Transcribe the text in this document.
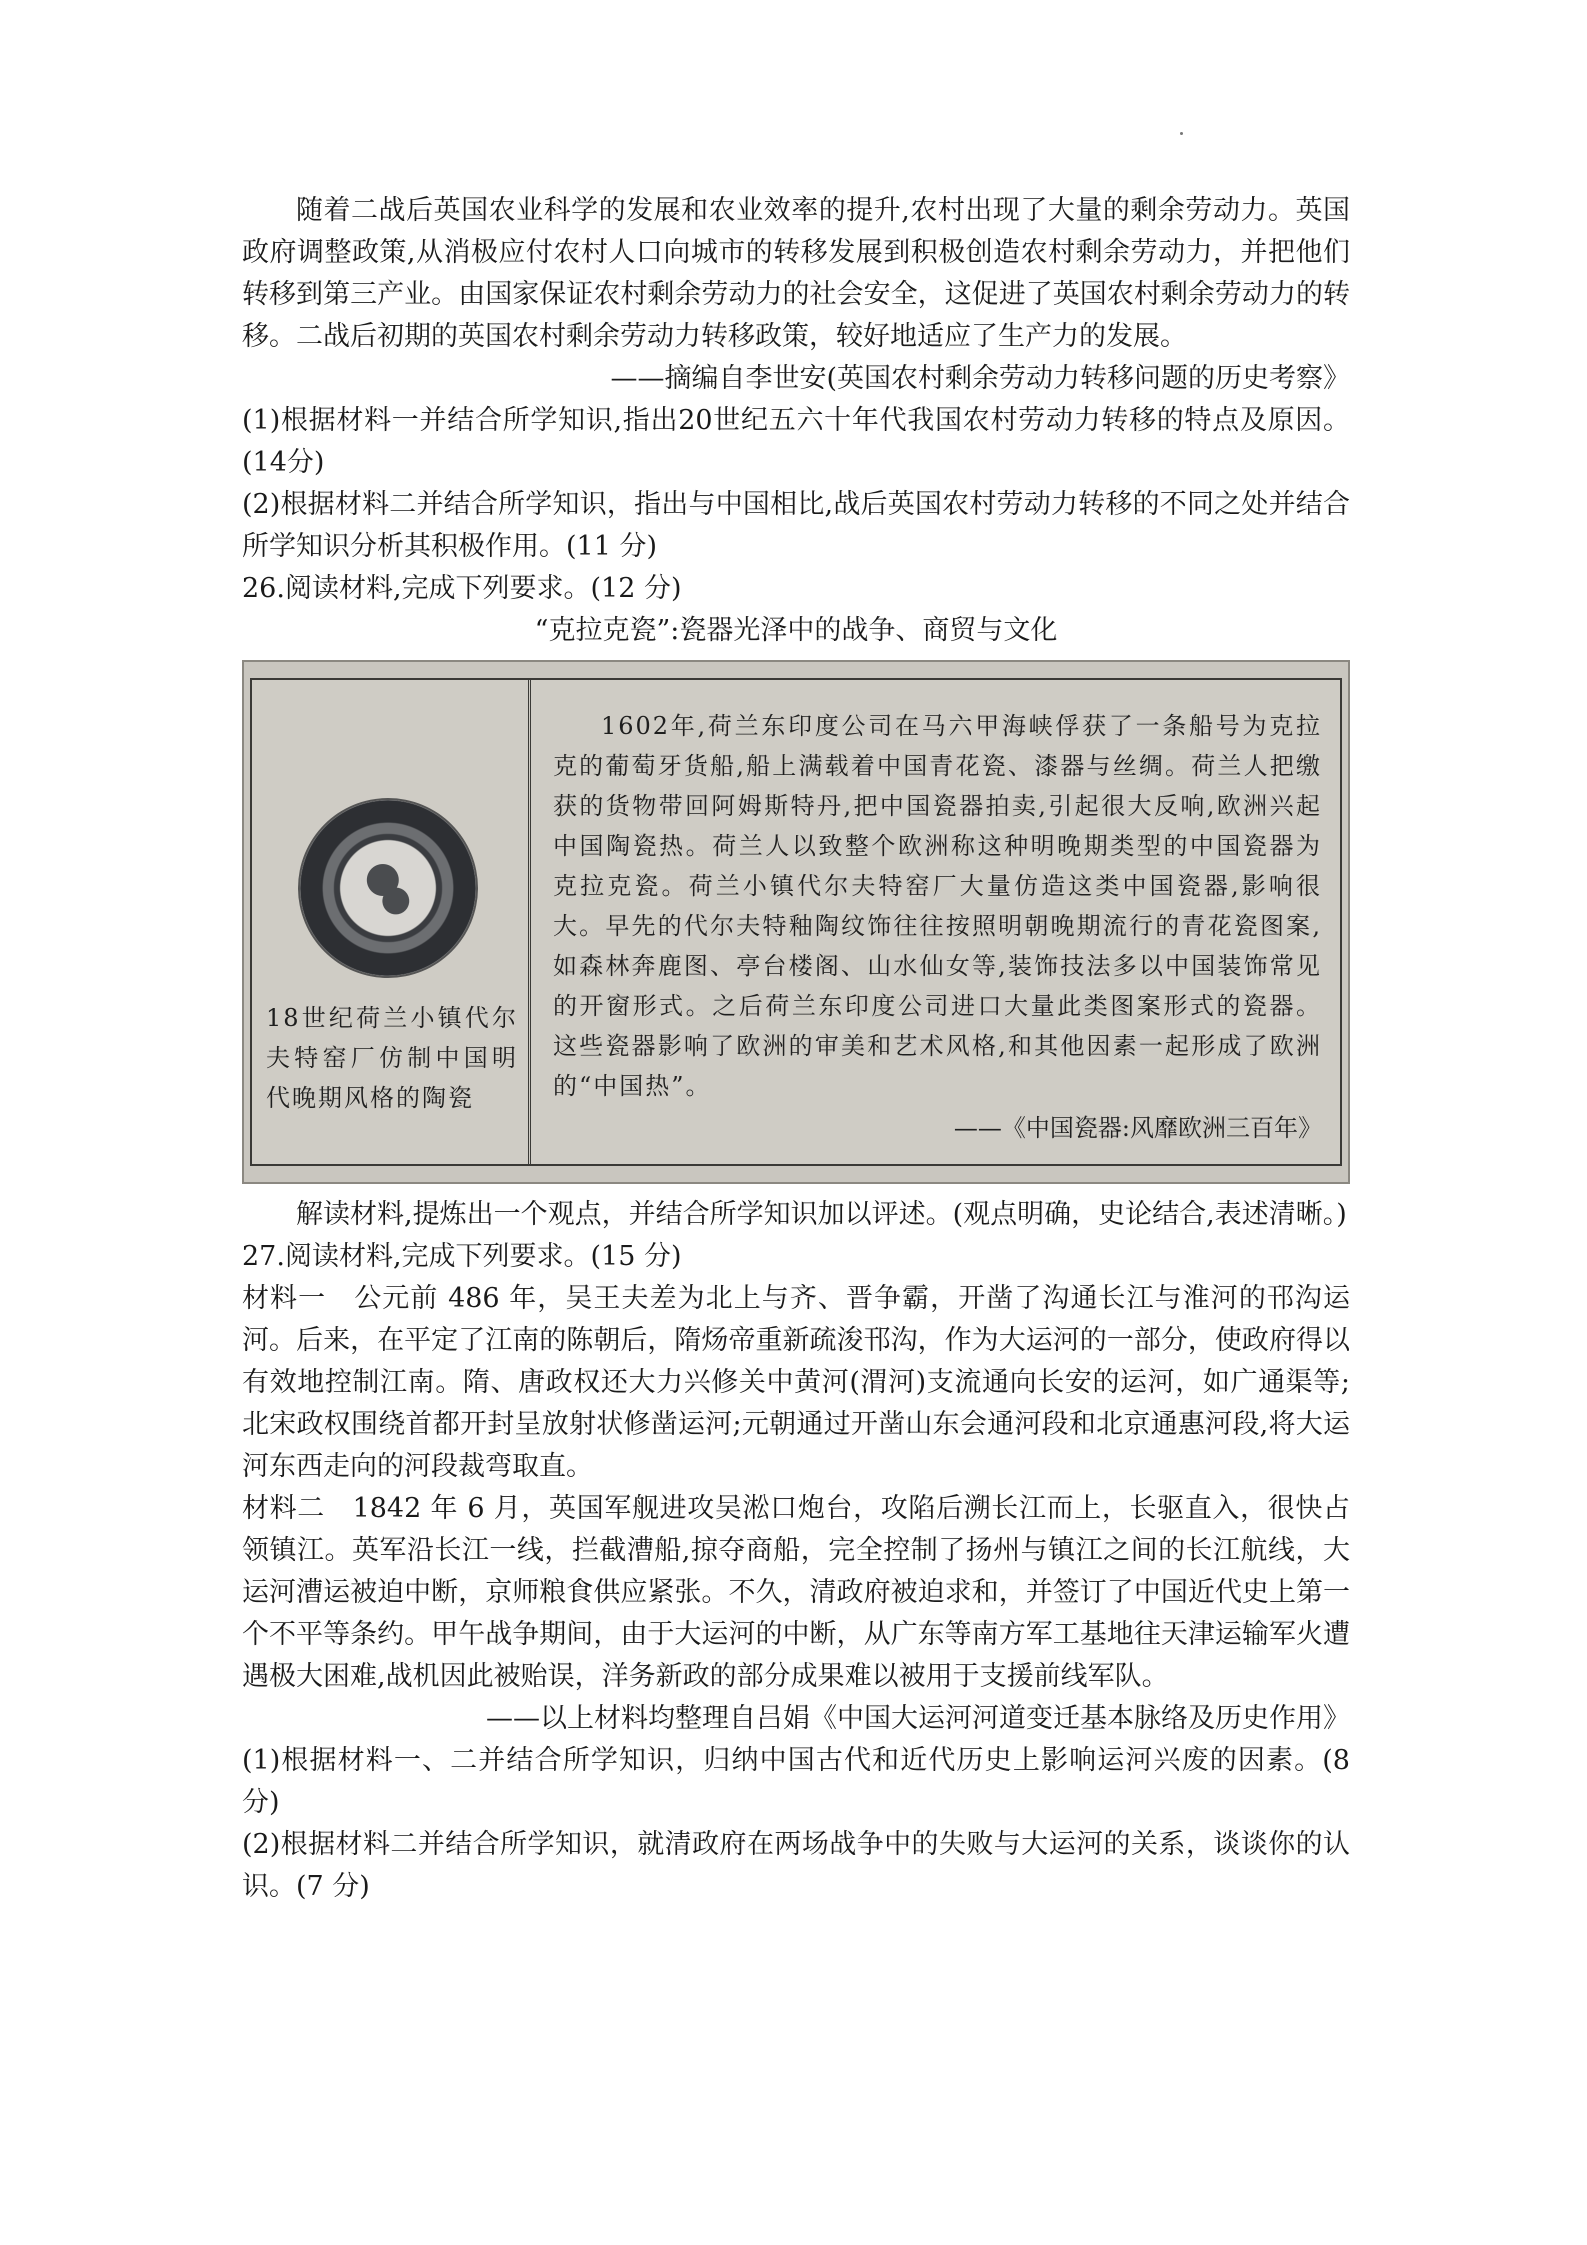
随着二战后英国农业科学的发展和农业效率的提升,农村出现了大量的剩余劳动力。英国政府调整政策,从消极应付农村人口向城市的转移发展到积极创造农村剩余劳动力，并把他们转移到第三产业。由国家保证农村剩余劳动力的社会安全，这促进了英国农村剩余劳动力的转移。二战后初期的英国农村剩余劳动力转移政策，较好地适应了生产力的发展。

——摘编自李世安(英国农村剩余劳动力转移问题的历史考察》

(1)根据材料一并结合所学知识,指出20世纪五六十年代我国农村劳动力转移的特点及原因。(14分)

(2)根据材料二并结合所学知识，指出与中国相比,战后英国农村劳动力转移的不同之处并结合所学知识分析其积极作用。(11 分)

26.阅读材料,完成下列要求。(12 分)

“克拉克瓷”:瓷器光泽中的战争、商贸与文化

18世纪荷兰小镇代尔夫特窑厂仿制中国明代晚期风格的陶瓷
1602年,荷兰东印度公司在马六甲海峡俘获了一条船号为克拉克的葡萄牙货船,船上满载着中国青花瓷、漆器与丝绸。荷兰人把缴获的货物带回阿姆斯特丹,把中国瓷器拍卖,引起很大反响,欧洲兴起中国陶瓷热。荷兰人以致整个欧洲称这种明晚期类型的中国瓷器为克拉克瓷。荷兰小镇代尔夫特窑厂大量仿造这类中国瓷器,影响很大。早先的代尔夫特釉陶纹饰往往按照明朝晚期流行的青花瓷图案,如森林奔鹿图、亭台楼阁、山水仙女等,装饰技法多以中国装饰常见的开窗形式。之后荷兰东印度公司进口大量此类图案形式的瓷器。这些瓷器影响了欧洲的审美和艺术风格,和其他因素一起形成了欧洲的“中国热”。
——《中国瓷器:风靡欧洲三百年》

解读材料,提炼出一个观点，并结合所学知识加以评述。(观点明确，史论结合,表述清晰。)

27.阅读材料,完成下列要求。(15 分)

材料一　公元前 486 年，吴王夫差为北上与齐、晋争霸，开凿了沟通长江与淮河的邗沟运河。后来，在平定了江南的陈朝后，隋炀帝重新疏浚邗沟，作为大运河的一部分，使政府得以有效地控制江南。隋、唐政权还大力兴修关中黄河(渭河)支流通向长安的运河，如广通渠等;北宋政权围绕首都开封呈放射状修凿运河;元朝通过开凿山东会通河段和北京通惠河段,将大运河东西走向的河段裁弯取直。

材料二　1842 年 6 月，英国军舰进攻吴淞口炮台，攻陷后溯长江而上，长驱直入，很快占领镇江。英军沿长江一线，拦截漕船,掠夺商船，完全控制了扬州与镇江之间的长江航线，大运河漕运被迫中断，京师粮食供应紧张。不久，清政府被迫求和，并签订了中国近代史上第一个不平等条约。甲午战争期间，由于大运河的中断，从广东等南方军工基地往天津运输军火遭遇极大困难,战机因此被贻误，洋务新政的部分成果难以被用于支援前线军队。

——以上材料均整理自吕娟《中国大运河河道变迁基本脉络及历史作用》

(1)根据材料一、二并结合所学知识，归纳中国古代和近代历史上影响运河兴废的因素。(8 分)

(2)根据材料二并结合所学知识，就清政府在两场战争中的失败与大运河的关系，谈谈你的认识。(7 分)
